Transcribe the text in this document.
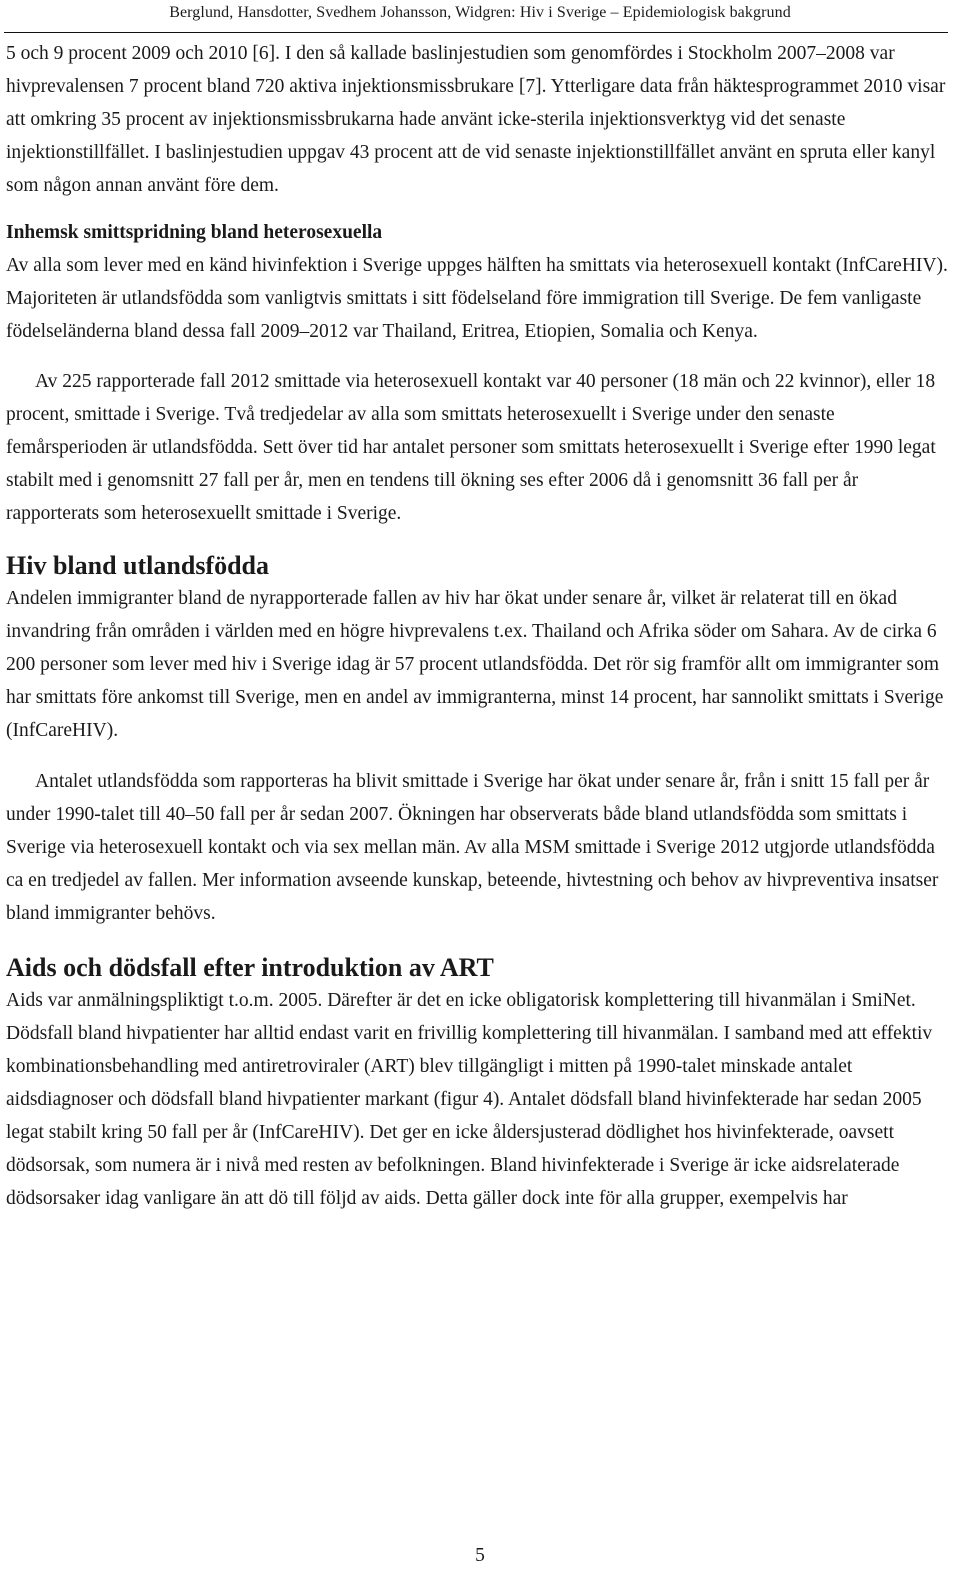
Berglund, Hansdotter, Svedhem Johansson, Widgren: Hiv i Sverige – Epidemiologisk bakgrund

5 och 9 procent 2009 och 2010 [6]. I den så kallade baslinjestudien som genomfördes i Stockholm 2007–2008 var hivprevalensen 7 procent bland 720 aktiva injektionsmissbrukare [7]. Ytterligare data från häktesprogrammet 2010 visar att omkring 35 procent av injektionsmissbrukarna hade använt icke-sterila injektionsverktyg vid det senaste injektionstillfället. I baslinjestudien uppgav 43 procent att de vid senaste injektionstillfället använt en spruta eller kanyl som någon annan använt före dem.

Inhemsk smittspridning bland heterosexuella

Av alla som lever med en känd hivinfektion i Sverige uppges hälften ha smittats via heterosexuell kontakt (InfCareHIV). Majoriteten är utlandsfödda som vanligtvis smittats i sitt födelseland före immigration till Sverige. De fem vanligaste födelseländerna bland dessa fall 2009–2012 var Thailand, Eritrea, Etiopien, Somalia och Kenya.

Av 225 rapporterade fall 2012 smittade via heterosexuell kontakt var 40 personer (18 män och 22 kvinnor), eller 18 procent, smittade i Sverige. Två tredjedelar av alla som smittats heterosexuellt i Sverige under den senaste femårsperioden är utlandsfödda. Sett över tid har antalet personer som smittats heterosexuellt i Sverige efter 1990 legat stabilt med i genomsnitt 27 fall per år, men en tendens till ökning ses efter 2006 då i genomsnitt 36 fall per år rapporterats som heterosexuellt smittade i Sverige.

Hiv bland utlandsfödda

Andelen immigranter bland de nyrapporterade fallen av hiv har ökat under senare år, vilket är relaterat till en ökad invandring från områden i världen med en högre hivprevalens t.ex. Thailand och Afrika söder om Sahara. Av de cirka 6 200 personer som lever med hiv i Sverige idag är 57 procent utlandsfödda. Det rör sig framför allt om immigranter som har smittats före ankomst till Sverige, men en andel av immigranterna, minst 14 procent, har sannolikt smittats i Sverige (InfCareHIV).

Antalet utlandsfödda som rapporteras ha blivit smittade i Sverige har ökat under senare år, från i snitt 15 fall per år under 1990-talet till 40–50 fall per år sedan 2007. Ökningen har observerats både bland utlandsfödda som smittats i Sverige via heterosexuell kontakt och via sex mellan män. Av alla MSM smittade i Sverige 2012 utgjorde utlandsfödda ca en tredjedel av fallen. Mer information avseende kunskap, beteende, hivtestning och behov av hivpreventiva insatser bland immigranter behövs.

Aids och dödsfall efter introduktion av ART

Aids var anmälningspliktigt t.o.m. 2005. Därefter är det en icke obligatorisk komplettering till hivanmälan i SmiNet. Dödsfall bland hivpatienter har alltid endast varit en frivillig komplettering till hivanmälan. I samband med att effektiv kombinationsbehandling med antiretroviraler (ART) blev tillgängligt i mitten på 1990-talet minskade antalet aidsdiagnoser och dödsfall bland hivpatienter markant (figur 4). Antalet dödsfall bland hivinfekterade har sedan 2005 legat stabilt kring 50 fall per år (InfCareHIV). Det ger en icke åldersjusterad dödlighet hos hivinfekterade, oavsett dödsorsak, som numera är i nivå med resten av befolkningen. Bland hivinfekterade i Sverige är icke aidsrelaterade dödsorsaker idag vanligare än att dö till följd av aids. Detta gäller dock inte för alla grupper, exempelvis har

5
